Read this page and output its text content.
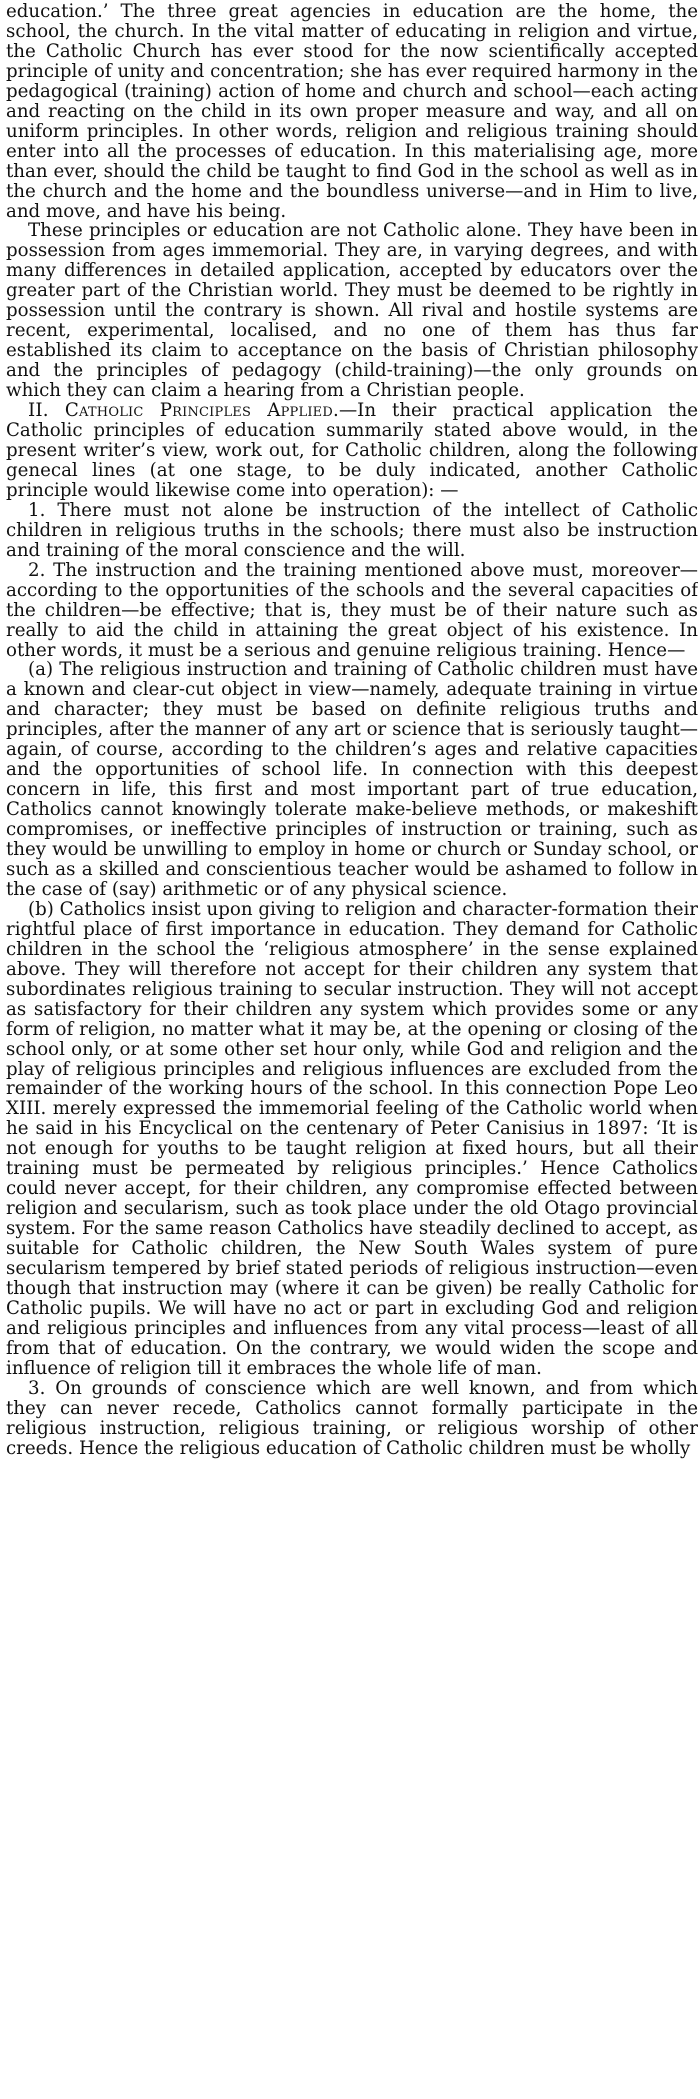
education.’ The three great agencies in education are the home, the school, the church. In the vital matter of educating in religion and virtue, the Catholic Church has ever stood for the now scientifically accepted principle of unity and concentration; she has ever required harmony in the pedagogical (training) action of home and church and school—each acting and reacting on the child in its own proper measure and way, and all on uniform principles. In other words, religion and religious training should enter into all the processes of education. In this materialising age, more than ever, should the child be taught to find God in the school as well as in the church and the home and the boundless universe—and in Him to live, and move, and have his being.

These principles or education are not Catholic alone. They have been in possession from ages immemorial. They are, in varying degrees, and with many differences in detailed application, accepted by educators over the greater part of the Christian world. They must be deemed to be rightly in possession until the contrary is shown. All rival and hostile systems are recent, experimental, localised, and no one of them has thus far established its claim to acceptance on the basis of Christian philosophy and the principles of pedagogy (child-training)—the only grounds on which they can claim a hearing from a Christian people.

II. Catholic Principles Applied.—In their practical application the Catholic principles of education summarily stated above would, in the present writer’s view, work out, for Catholic children, along the following genecal lines (at one stage, to be duly indicated, another Catholic principle would likewise come into operation): —

1. There must not alone be instruction of the intellect of Catholic children in religious truths in the schools; there must also be instruction and training of the moral conscience and the will.

2. The instruction and the training mentioned above must, moreover—according to the opportunities of the schools and the several capacities of the children—be effective; that is, they must be of their nature such as really to aid the child in attaining the great object of his existence. In other words, it must be a serious and genuine religious training. Hence—

(a) The religious instruction and training of Catholic children must have a known and clear-cut object in view—namely, adequate training in virtue and character; they must be based on definite religious truths and principles, after the manner of any art or science that is seriously taught—again, of course, according to the children’s ages and relative capacities and the opportunities of school life. In connection with this deepest concern in life, this first and most important part of true education, Catholics cannot knowingly tolerate make-believe methods, or makeshift compromises, or ineffective principles of instruction or training, such as they would be unwilling to employ in home or church or Sunday school, or such as a skilled and conscientious teacher would be ashamed to follow in the case of (say) arithmetic or of any physical science.

(b) Catholics insist upon giving to religion and character-formation their rightful place of first importance in education. They demand for Catholic children in the school the ‘religious atmosphere’ in the sense explained above. They will therefore not accept for their children any system that subordinates religious training to secular instruction. They will not accept as satisfactory for their children any system which provides some or any form of religion, no matter what it may be, at the opening or closing of the school only, or at some other set hour only, while God and religion and the play of religious principles and religious influences are excluded from the remainder of the working hours of the school. In this connection Pope Leo XIII. merely expressed the immemorial feeling of the Catholic world when he said in his Encyclical on the centenary of Peter Canisius in 1897: ‘It is not enough for youths to be taught religion at fixed hours, but all their training must be permeated by religious principles.’ Hence Catholics could never accept, for their children, any compromise effected between religion and secularism, such as took place under the old Otago provincial system. For the same reason Catholics have steadily declined to accept, as suitable for Catholic children, the New South Wales system of pure secularism tempered by brief stated periods of religious instruction—even though that instruction may (where it can be given) be really Catholic for Catholic pupils. We will have no act or part in excluding God and religion and religious principles and influences from any vital process—least of all from that of education. On the contrary, we would widen the scope and influence of religion till it embraces the whole life of man.

3. On grounds of conscience which are well known, and from which they can never recede, Catholics cannot formally participate in the religious instruction, religious training, or religious worship of other creeds. Hence the religious education of Catholic children must be wholly
